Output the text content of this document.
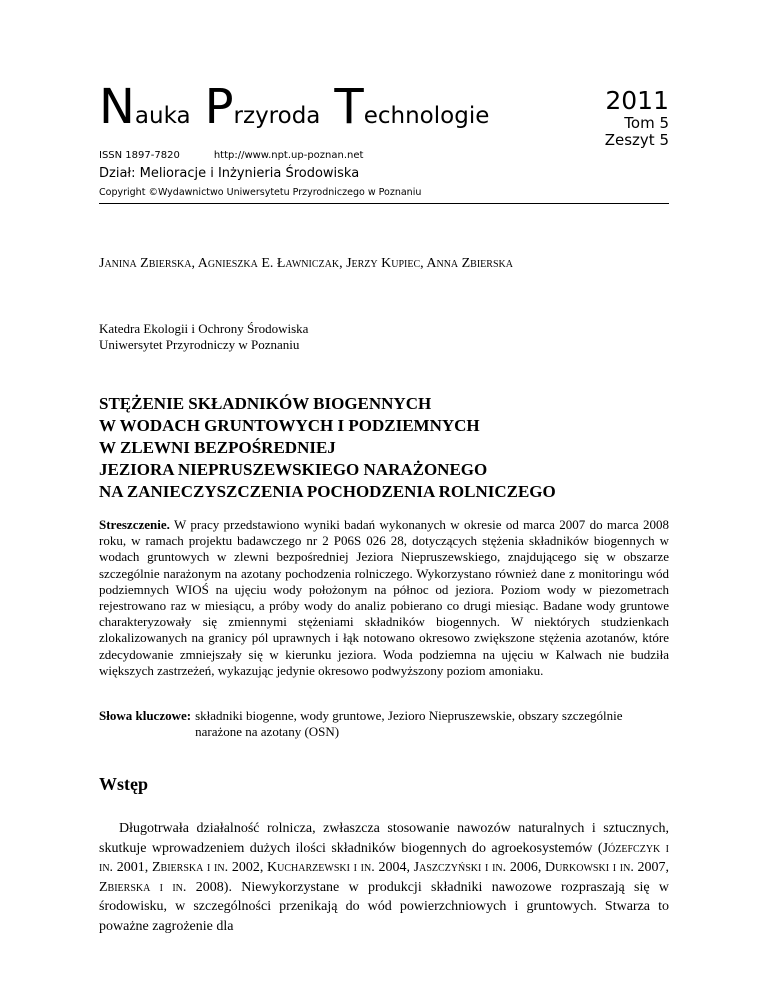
Nauka Przyroda Technologie
2011
Tom 5
Zeszyt 5
ISSN 1897-7820	http://www.npt.up-poznan.net
Dział: Melioracje i Inżynieria Środowiska
Copyright ©Wydawnictwo Uniwersytetu Przyrodniczego w Poznaniu
Janina Zbierska, Agnieszka E. Ławniczak, Jerzy Kupiec, Anna Zbierska
Katedra Ekologii i Ochrony Środowiska
Uniwersytet Przyrodniczy w Poznaniu
STĘŻENIE SKŁADNIKÓW BIOGENNYCH
W WODACH GRUNTOWYCH I PODZIEMNYCH
W ZLEWNI BEZPOŚREDNIEJ
JEZIORA NIEPRUSZEWSKIEGO NARAŻONEGO
NA ZANIECZYSZCZENIA POCHODZENIA ROLNICZEGO
Streszczenie. W pracy przedstawiono wyniki badań wykonanych w okresie od marca 2007 do marca 2008 roku, w ramach projektu badawczego nr 2 P06S 026 28, dotyczących stężenia składników biogennych w wodach gruntowych w zlewni bezpośredniej Jeziora Niepruszewskiego, znajdującego się w obszarze szczególnie narażonym na azotany pochodzenia rolniczego. Wykorzystano również dane z monitoringu wód podziemnych WIOŚ na ujęciu wody położonym na północ od jeziora. Poziom wody w piezometrach rejestrowano raz w miesiącu, a próby wody do analiz pobierano co drugi miesiąc. Badane wody gruntowe charakteryzowały się zmiennymi stężeniami składników biogennych. W niektórych studzienkach zlokalizowanych na granicy pól uprawnych i łąk notowano okresowo zwiększone stężenia azotanów, które zdecydowanie zmniejszały się w kierunku jeziora. Woda podziemna na ujęciu w Kalwach nie budziła większych zastrzeżeń, wykazując jedynie okresowo podwyższony poziom amoniaku.
Słowa kluczowe: składniki biogenne, wody gruntowe, Jezioro Niepruszewskie, obszary szczególnie narażone na azotany (OSN)
Wstęp
Długotrwała działalność rolnicza, zwłaszcza stosowanie nawozów naturalnych i sztucznych, skutkuje wprowadzeniem dużych ilości składników biogennych do agroekosystemów (Józefczyk i in. 2001, Zbierska i in. 2002, Kucharzewski i in. 2004, Jaszczyński i in. 2006, Durkowski i in. 2007, Zbierska i in. 2008). Niewykorzystane w produkcji składniki nawozowe rozpraszają się w środowisku, w szczególności przenikają do wód powierzchniowych i gruntowych. Stwarza to poważne zagrożenie dla
